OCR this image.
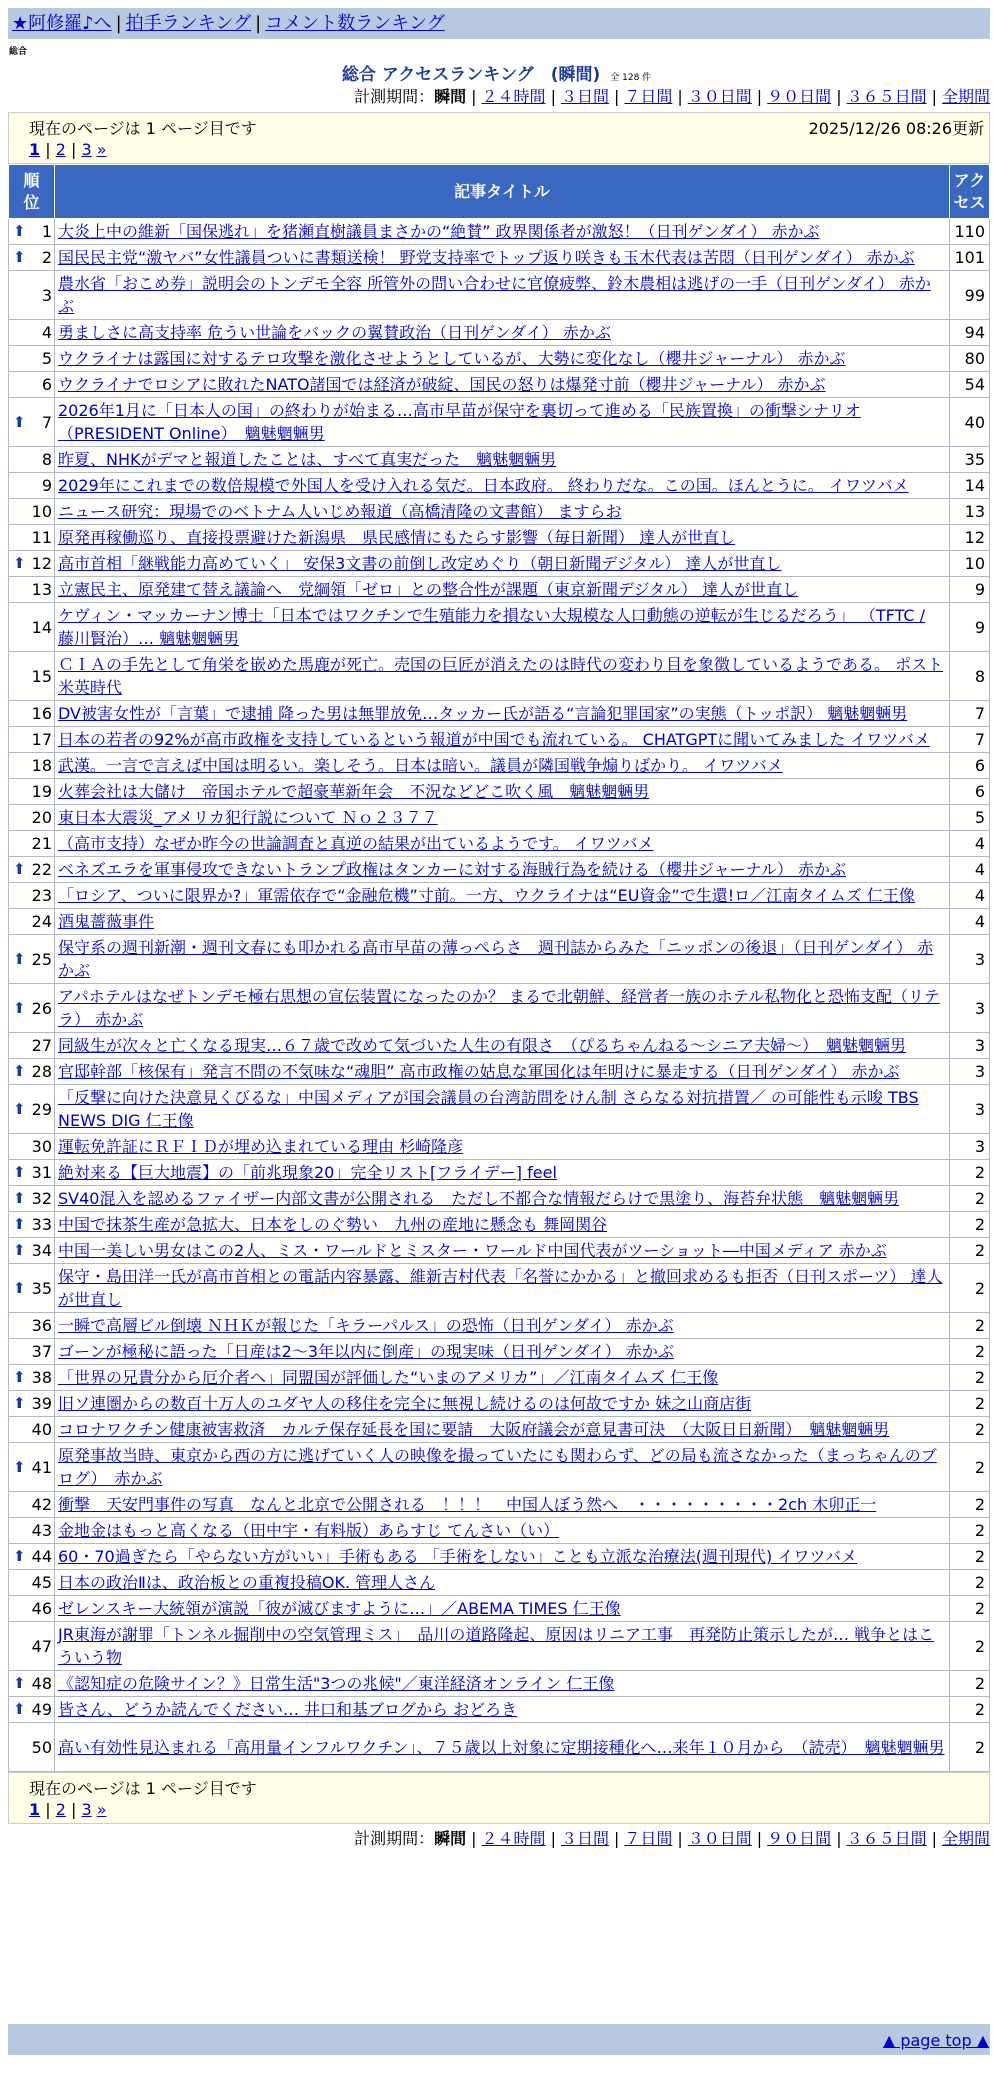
★阿修羅♪へ | 拍手ランキング | コメント数ランキング
総合
総合 アクセスランキング　(瞬間) 全 128 件
計測期間：瞬間 | ２４時間 | ３日間 | ７日間 | ３０日間 | ９０日間 | ３６５日間 | 全期間
現在のページは 1 ページ目です	2025/12/26 08:26更新
1 | 2 | 3 »
順位	記事タイトル	アクセス

⬆ 1	大炎上中の維新「国保逃れ」を猪瀬直樹議員まさかの“絶賛” 政界関係者が激怒！（日刊ゲンダイ） 赤かぶ	110

⬆ 2	国民民主党“激ヤバ”女性議員ついに書類送検！ 野党支持率でトップ返り咲きも玉木代表は苦悶（日刊ゲンダイ） 赤かぶ	101
3	農水省「おこめ券」説明会のトンデモ全容 所管外の問い合わせに官僚疲弊、鈴木農相は逃げの一手（日刊ゲンダイ） 赤かぶ	99
4	勇ましさに高支持率 危うい世論をバックの翼賛政治（日刊ゲンダイ） 赤かぶ	94
5	ウクライナは露国に対するテロ攻撃を激化させようとしているが、大勢に変化なし（櫻井ジャーナル） 赤かぶ	80
6	ウクライナでロシアに敗れたNATO諸国では経済が破綻、国民の怒りは爆発寸前（櫻井ジャーナル） 赤かぶ	54

⬆ 7	2026年1月に「日本人の国」の終わりが始まる…高市早苗が保守を裏切って進める「民族置換」の衝撃シナリオ （PRESIDENT Online）　魑魅魍魎男	40
8	昨夏、NHKがデマと報道したことは、すべて真実だった　魑魅魍魎男	35
9	2029年にこれまでの数倍規模で外国人を受け入れる気だ。日本政府。 終わりだな。この国。ほんとうに。 イワツバメ	14
10	ニュース研究：現場でのベトナム人いじめ報道（高橋清隆の文書館） ますらお	13
11	原発再稼働巡り、直接投票避けた新潟県　県民感情にもたらす影響（毎日新聞） 達人が世直し	12

⬆ 12	高市首相「継戦能力高めていく」 安保3文書の前倒し改定めぐり（朝日新聞デジタル） 達人が世直し	10
13	立憲民主、原発建て替え議論へ　党綱領「ゼロ」との整合性が課題（東京新聞デジタル） 達人が世直し	9
14	ケヴィン・マッカーナン博士「日本ではワクチンで生殖能力を損ない大規模な人口動態の逆転が生じるだろう」 （TFTC / 藤川賢治）… 魑魅魍魎男	9
15	ＣＩＡの手先として角栄を嵌めた馬鹿が死亡。売国の巨匠が消えたのは時代の変わり目を象徴しているようである。 ポスト米英時代	8
16	DV被害女性が「言葉」で逮捕឵ 降った男は無罪放免…タッカー氏が語る“言論犯罪国家”の実態（トッポ訳） 魑魅魍魎男	7
17	日本の若者の92%が高市政権を支持しているという報道が中国でも流れている。 CHATGPTに聞いてみました イワツバメ	7
18	武漢。一言で言えば中国は明るい。楽しそう。日本は暗い。議員が隣国戦争煽りばかり。 イワツバメ	6
19	火葬会社は大儲け　帝国ホテルで超豪華新年会　不況などどこ吹く風　魑魅魍魎男	6
20	東日本大震災_アメリカ犯行説について Ｎｏ２３７７	5
21	（高市支持）なぜか昨今の世論調査と真逆の結果が出ているようです。 イワツバメ	4

⬆ 22	ベネズエラを軍事侵攻できないトランプ政権はタンカーに対する海賊行為を続ける（櫻井ジャーナル） 赤かぶ	4
23	「ロシア、ついに限界か?」軍需依存で“金融危機”寸前。一方、ウクライナは“EU資金”で生還!ロ／江南タイムズ 仁王像	4
24	酒鬼薔薇事件	4

⬆ 25	保守系の週刊新潮・週刊文春にも叩かれる高市早苗の薄っぺらさ　週刊誌からみた「ニッポンの後退」（日刊ゲンダイ） 赤かぶ	3

⬆ 26	アパホテルはなぜトンデモ極右思想の宣伝装置になったのか？ まるで北朝鮮、経営者一族のホテル私物化と恐怖支配（リテラ） 赤かぶ	3
27	同級生が次々と亡くなる現実…６７歳で改めて気づいた人生の有限さ　（ぴるちゃんねる～シニア夫婦～）　魑魅魍魎男	3

⬆ 28	官邸幹部「核保有」発言不問の不気味な“魂胆” 高市政権の姑息な軍国化は年明けに暴走する（日刊ゲンダイ） 赤かぶ	3

⬆ 29	「反撃に向けた決意見くびるな」中国メディアが国会議員の台湾訪問をけん制 さらなる対抗措置／ の可能性も示唆 TBS NEWS DIG 仁王像	3
30	運転免許証にＲＦＩＤが埋め込まれている理由 杉崎隆彦	3

⬆ 31	絶対来る【巨大地震】の「前兆現象20」完全リスト[フライデー] feel	2

⬆ 32	SV40混入を認めるファイザー内部文書が公開される　ただし不都合な情報だらけで黒塗り、海苔弁状態　魑魅魍魎男	2

⬆ 33	中国で抹茶生産が急拡大、日本をしのぐ勢い　九州の産地に懸念も 舞岡関谷	2

⬆ 34	中国一美しい男女はこの2人、ミス・ワールドとミスター・ワールド中国代表がツーショット―中国メディア 赤かぶ	2

⬆ 35	保守・島田洋一氏が高市首相との電話内容暴露、維新吉村代表「名誉にかかる」と撤回求めるも拒否（日刊スポーツ） 達人が世直し	2
36	一瞬で高層ビル倒壊 ＮＨＫが報じた「キラーパルス」の恐怖（日刊ゲンダイ） 赤かぶ	2
37	ゴーンが極秘に語った「日産は2～3年以内に倒産」の現実味（日刊ゲンダイ） 赤かぶ	2

⬆ 38	「世界の兄貴分から厄介者へ」同盟国が評価した“いまのアメリカ”」／江南タイムズ 仁王像	2

⬆ 39	旧ソ連圏からの数百十万人のユダヤ人の移住を完全に無視し続けるのは何故ですか 妹之山商店街	2
40	コロナワクチン健康被害救済　カルテ保存延長を国に要請　大阪府議会が意見書可決　（大阪日日新聞）　魑魅魍魎男	2

⬆ 41	原発事故当時、東京から西の方に逃げていく人の映像を撮っていたにも関わらず、どの局も流さなかった（まっちゃんのブログ）　赤かぶ	2
42	衝撃　天安門事件の写真　なんと北京で公開される　！！！　中国人ぼう然へ　・・・・・・・・・2ch 木卯正一	2
43	金地金はもっと高くなる（田中宇・有料版）あらすじ てんさい（い）	2

⬆ 44	60・70過ぎたら「やらない方がいい」手術もある 「手術をしない」ことも立派な治療法(週刊現代) イワツバメ	2
45	日本の政治Ⅱは、政治板との重複投稿OK. 管理人さん	2
46	ゼレンスキー大統領が演説「彼が滅びますように…」／ABEMA TIMES 仁王像	2
47	JR東海が謝罪「トンネル掘削中の空気管理ミス」　品川の道路隆起、原因はリニア工事　再発防止策示したが… 戦争とはこういう物	2

⬆ 48	《認知症の危険サイン？》日常生活"3つの兆候"／東洋経済オンライン 仁王像	2

⬆ 49	皆さん、どうか読んでください… 井口和基ブログから おどろき	2
50	高い有効性見込まれる「高用量インフルワクチン」、７５歳以上対象に定期接種化へ…来年１０月から　（読売）　魑魅魍魎男	2
現在のページは 1 ページ目です
1 | 2 | 3 »
計測期間：瞬間 | ２４時間 | ３日間 | ７日間 | ３０日間 | ９０日間 | ３６５日間 | 全期間
▲ page top ▲
